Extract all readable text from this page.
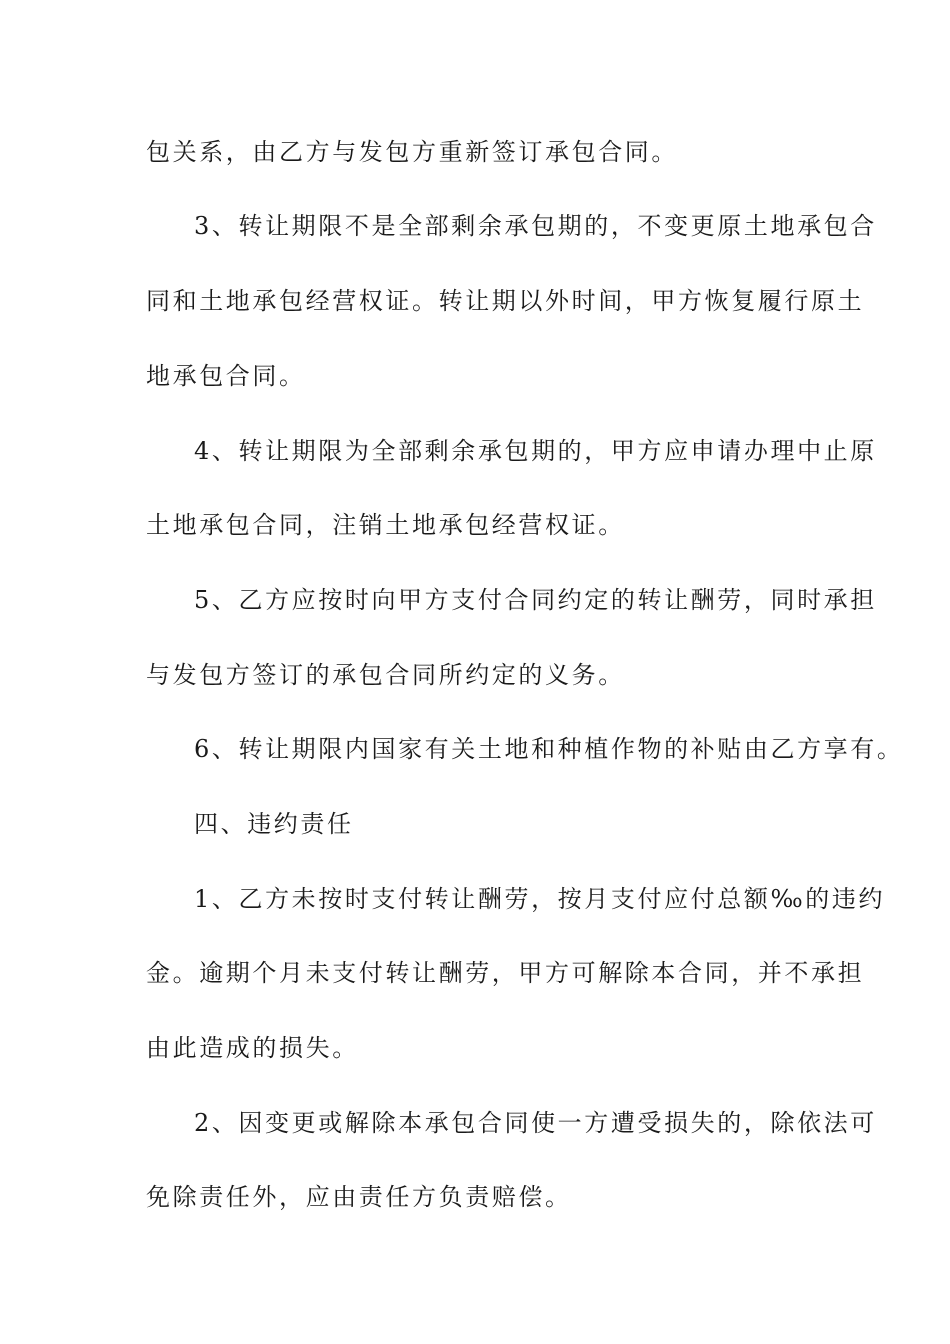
包关系，由乙方与发包方重新签订承包合同。
3、转让期限不是全部剩余承包期的，不变更原土地承包合
同和土地承包经营权证。转让期以外时间，甲方恢复履行原土
地承包合同。
4、转让期限为全部剩余承包期的，甲方应申请办理中止原
土地承包合同，注销土地承包经营权证。
5、乙方应按时向甲方支付合同约定的转让酬劳，同时承担
与发包方签订的承包合同所约定的义务。
6、转让期限内国家有关土地和种植作物的补贴由乙方享有。
四、违约责任
1、乙方未按时支付转让酬劳，按月支付应付总额‰的违约
金。逾期个月未支付转让酬劳，甲方可解除本合同，并不承担
由此造成的损失。
2、因变更或解除本承包合同使一方遭受损失的，除依法可
免除责任外，应由责任方负责赔偿。
